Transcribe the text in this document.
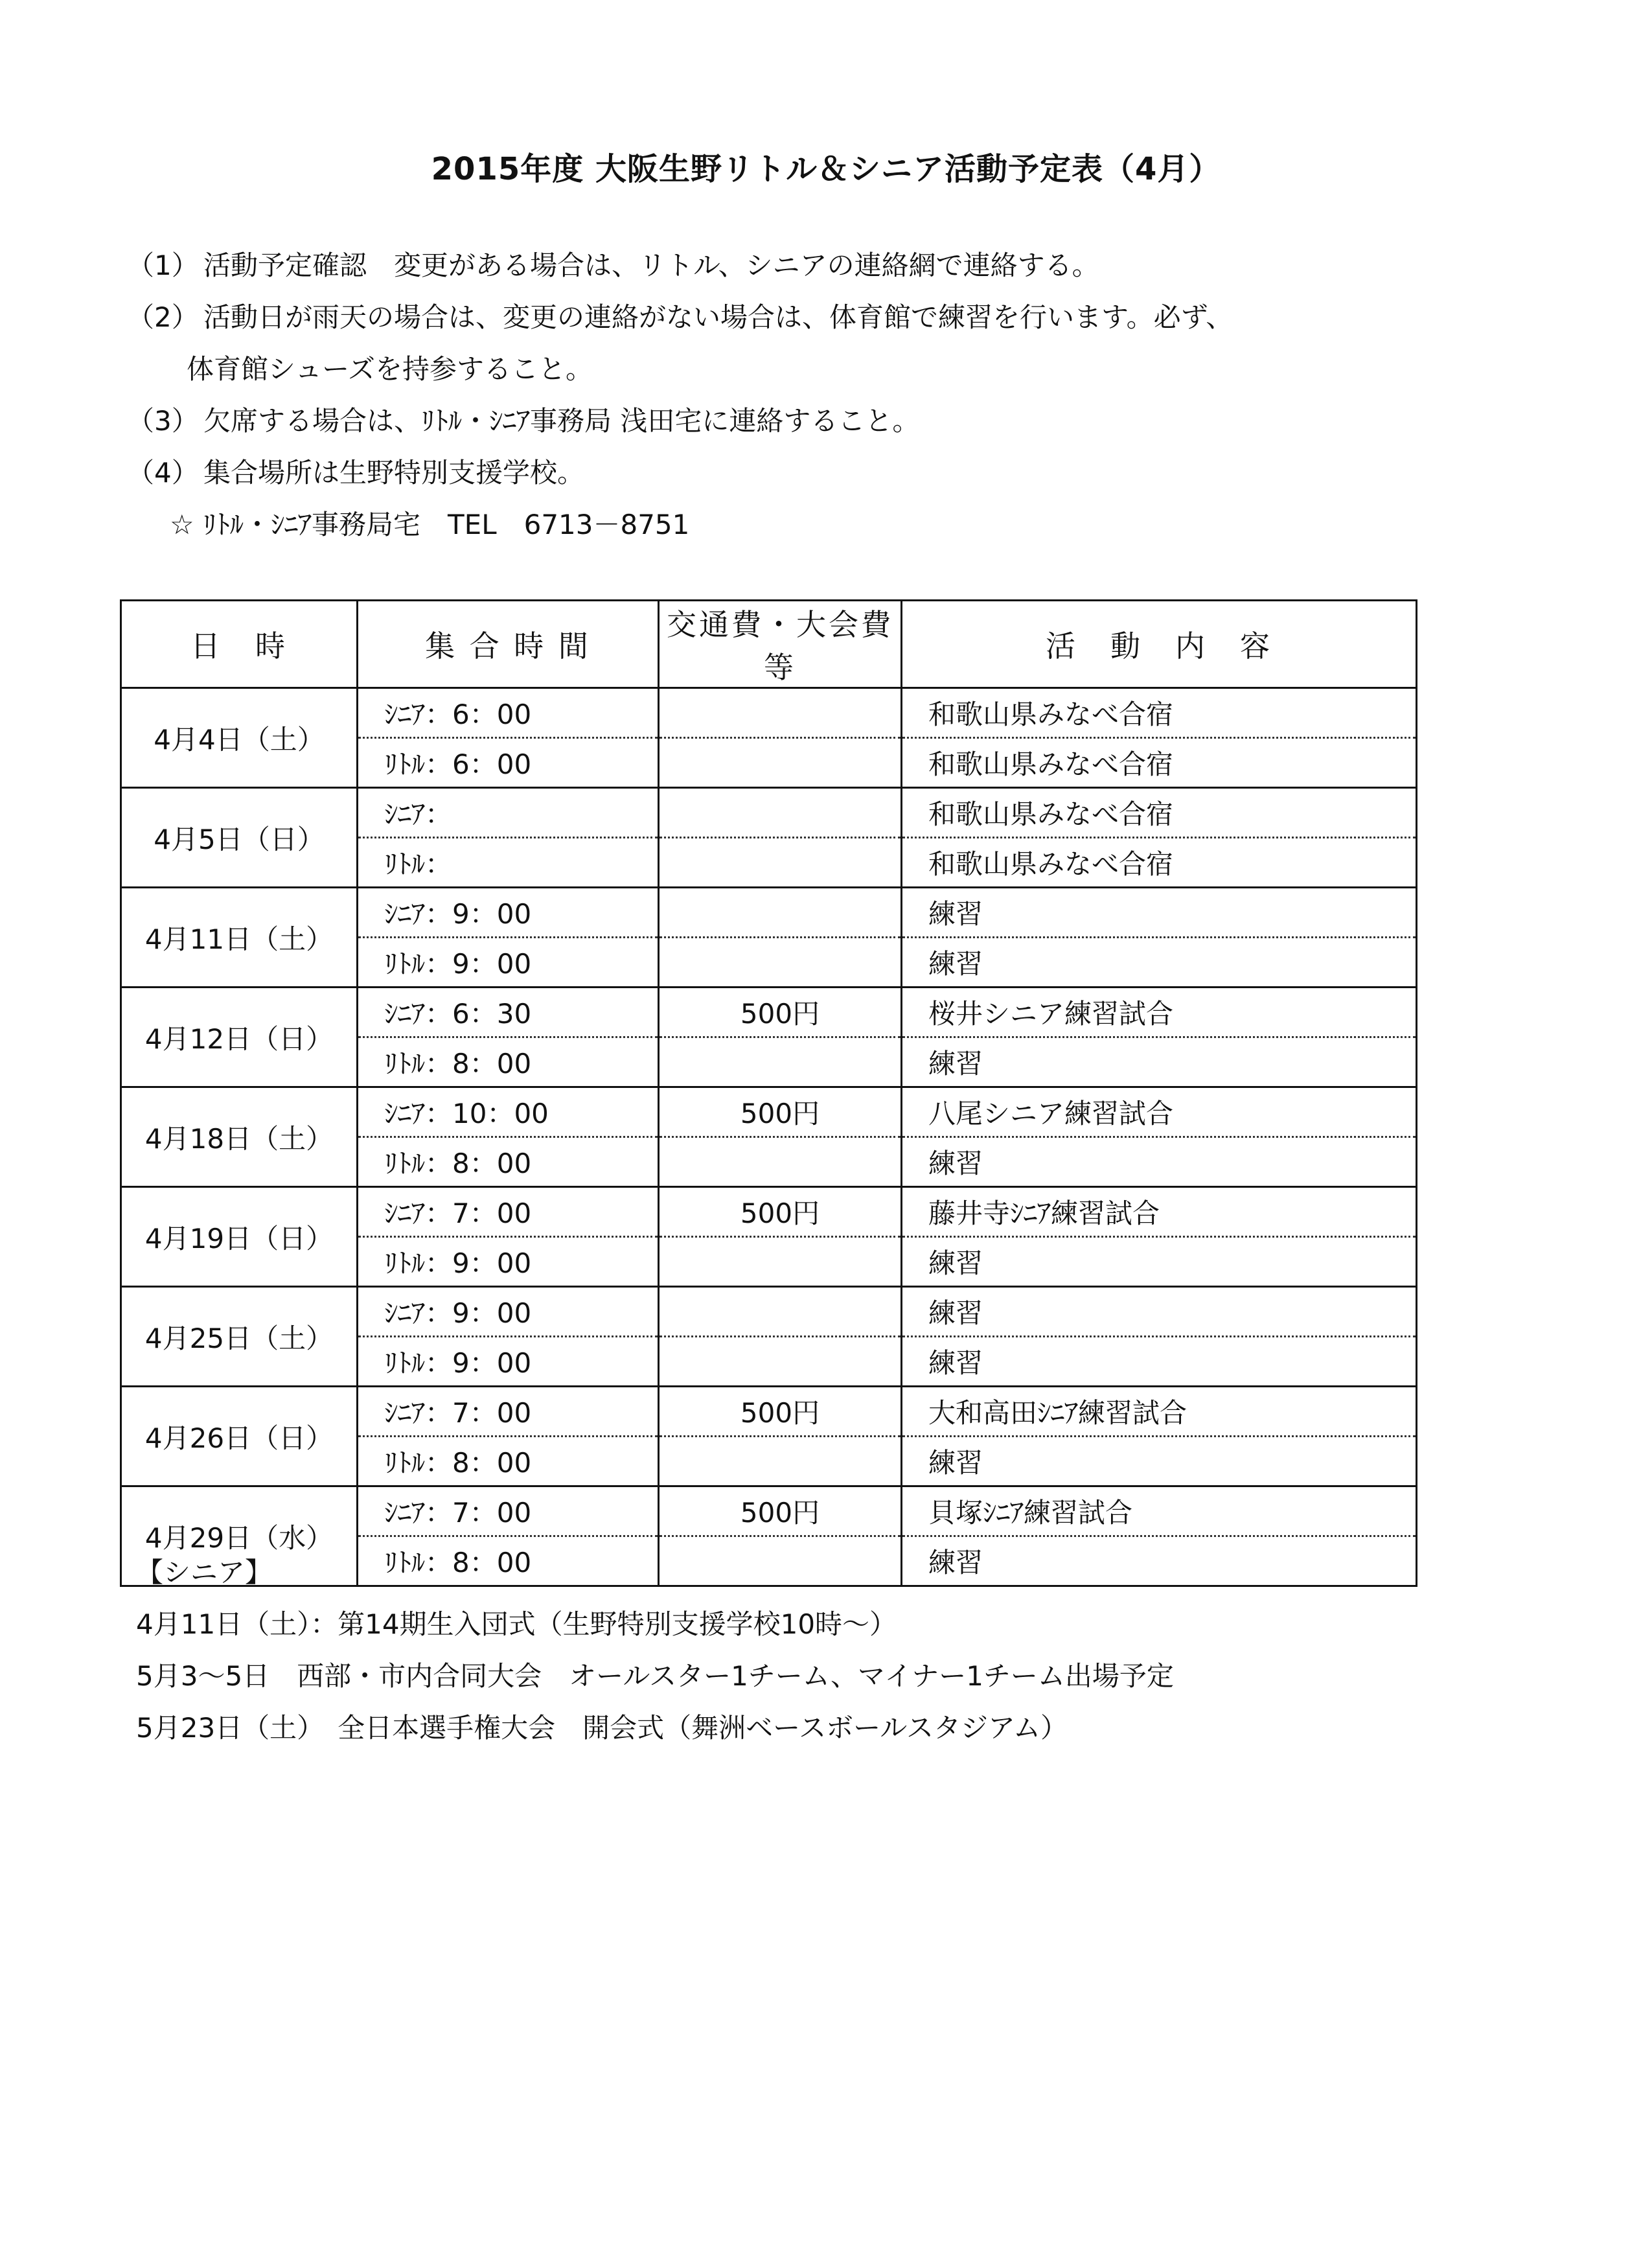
2015年度 大阪生野リトル＆シニア活動予定表（4月）
（1） 活動予定確認　変更がある場合は、リトル、シニアの連絡網で連絡する。
（2） 活動日が雨天の場合は、変更の連絡がない場合は、体育館で練習を行います。必ず、
体育館シューズを持参すること。
（3） 欠席する場合は、ﾘﾄﾙ・ｼﾆｱ事務局 浅田宅に連絡すること。
（4） 集合場所は生野特別支援学校。
☆ ﾘﾄﾙ・ｼﾆｱ事務局宅　TEL　6713－8751
日　時	集 合 時 間	交通費・大会費等	活　動　内　容
4月4日（土）	ｼﾆｱ：6：00		和歌山県みなべ合宿
	ﾘﾄﾙ：6：00		和歌山県みなべ合宿
4月5日（日）	ｼﾆｱ：		和歌山県みなべ合宿
	ﾘﾄﾙ：		和歌山県みなべ合宿
4月11日（土）	ｼﾆｱ：9：00		練習
	ﾘﾄﾙ：9：00		練習
4月12日（日）	ｼﾆｱ：6：30	500円	桜井シニア練習試合
	ﾘﾄﾙ：8：00		練習
4月18日（土）	ｼﾆｱ：10：00	500円	八尾シニア練習試合
	ﾘﾄﾙ：8：00		練習
4月19日（日）	ｼﾆｱ：7：00	500円	藤井寺ｼﾆｱ練習試合
	ﾘﾄﾙ：9：00		練習
4月25日（土）	ｼﾆｱ：9：00		練習
	ﾘﾄﾙ：9：00		練習
4月26日（日）	ｼﾆｱ：7：00	500円	大和高田ｼﾆｱ練習試合
	ﾘﾄﾙ：8：00		練習
4月29日（水）	ｼﾆｱ：7：00	500円	貝塚ｼﾆｱ練習試合
	ﾘﾄﾙ：8：00		練習
【シニア】
4月11日（土）：第14期生入団式（生野特別支援学校10時～）
5月3～5日　西部・市内合同大会　オールスター1チーム、マイナー1チーム出場予定
5月23日（土）　全日本選手権大会　開会式（舞洲ベースボールスタジアム）
